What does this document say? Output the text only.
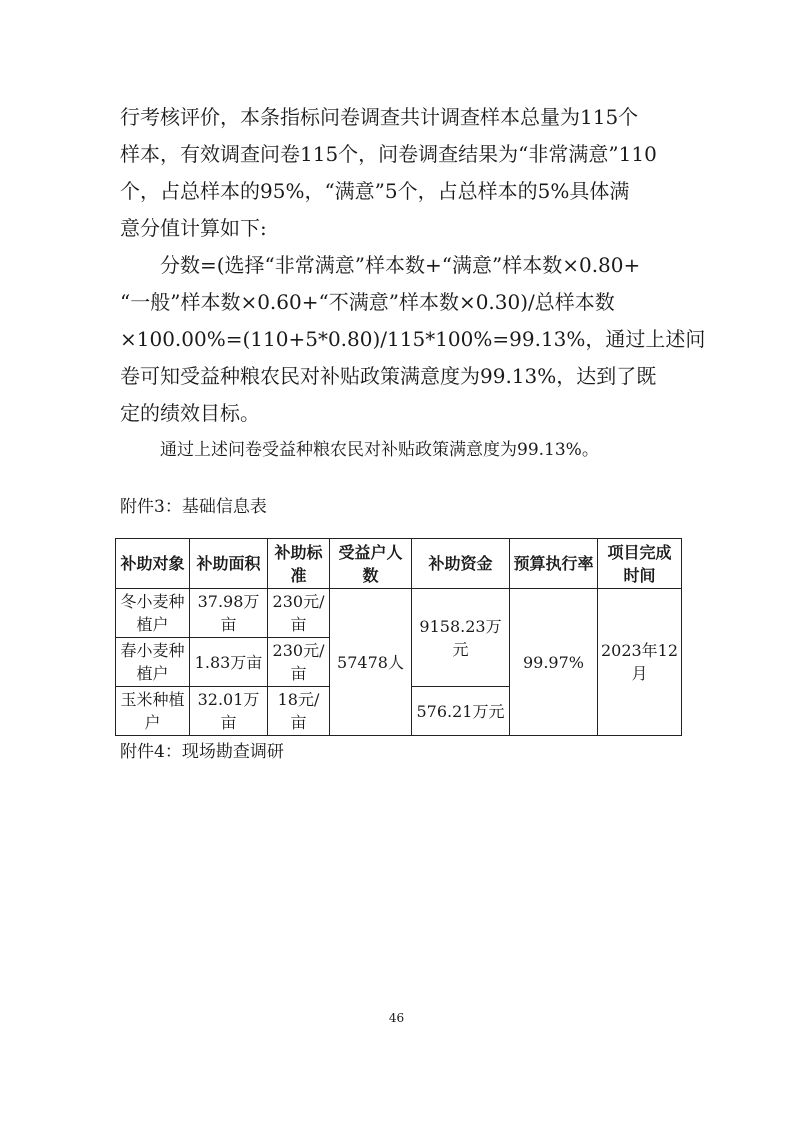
行考核评价，本条指标问卷调查共计调查样本总量为115个
样本，有效调查问卷115个，问卷调查结果为“非常满意”110
个，占总样本的95%，“满意”5个，占总样本的5%具体满
意分值计算如下:
　　分数=(选择“非常满意”样本数+“满意”样本数×0.80+
“一般”样本数×0.60+“不满意”样本数×0.30)/总样本数
×100.00%=(110+5*0.80)/115*100%=99.13%，通过上述问
卷可知受益种粮农民对补贴政策满意度为99.13%，达到了既
定的绩效目标。

通过上述问卷受益种粮农民对补贴政策满意度为99.13%。

附件3：基础信息表

补助对象	补助面积	补助标准	受益户人数	补助资金	预算执行率	项目完成时间
冬小麦种植户	37.98万亩	230元/亩	57478人	9158.23万元	99.97%	2023年12月
春小麦种植户	1.83万亩	230元/亩				
玉米种植户	32.01万亩	18元/亩		576.21万元		

附件4：现场勘查调研

46
